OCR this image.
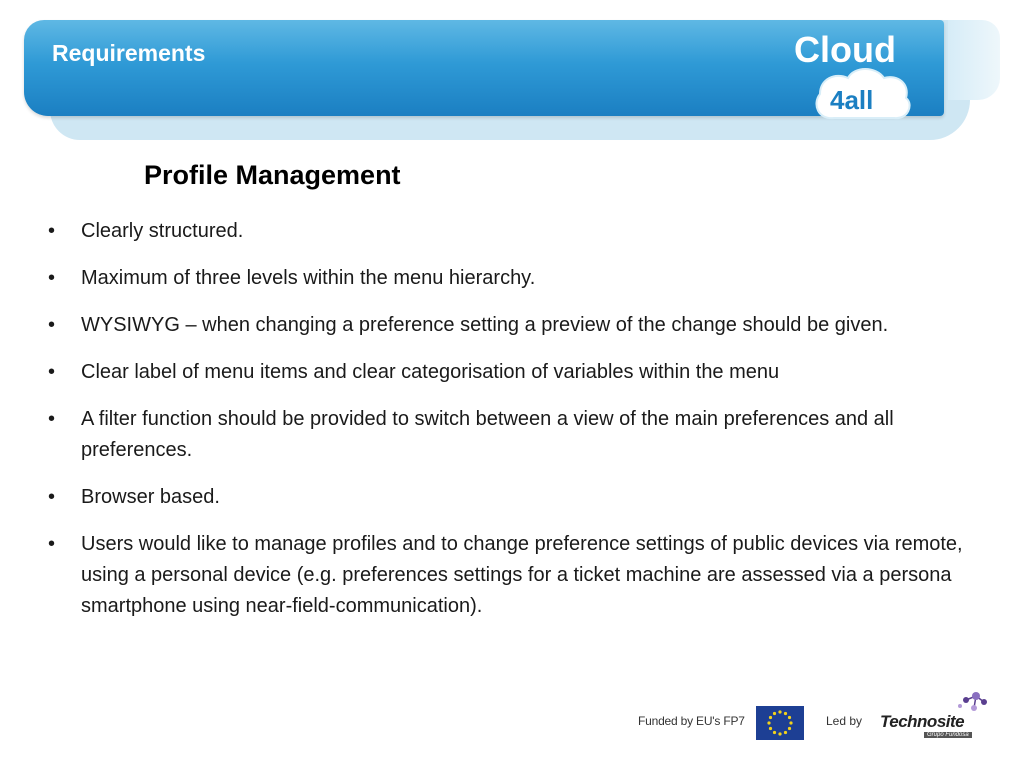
Requirements	Cloud
4all
Profile Management
•	Clearly structured.
•	Maximum of three levels within the menu hierarchy.
•	WYSIWYG – when changing a preference setting a preview of the change should be given.
•	Clear label of menu items and clear categorisation of variables within the menu
•	A filter function should be provided to switch between a view of the main preferences and all preferences.
•	Browser based.
•	Users would like to manage profiles and to change preference settings of public devices via remote, using a personal device (e.g. preferences settings for a ticket machine are assessed via a persona smartphone using near-field-communication).
Funded by EU's FP7	Led by Technosite
Grupo Fundosa
